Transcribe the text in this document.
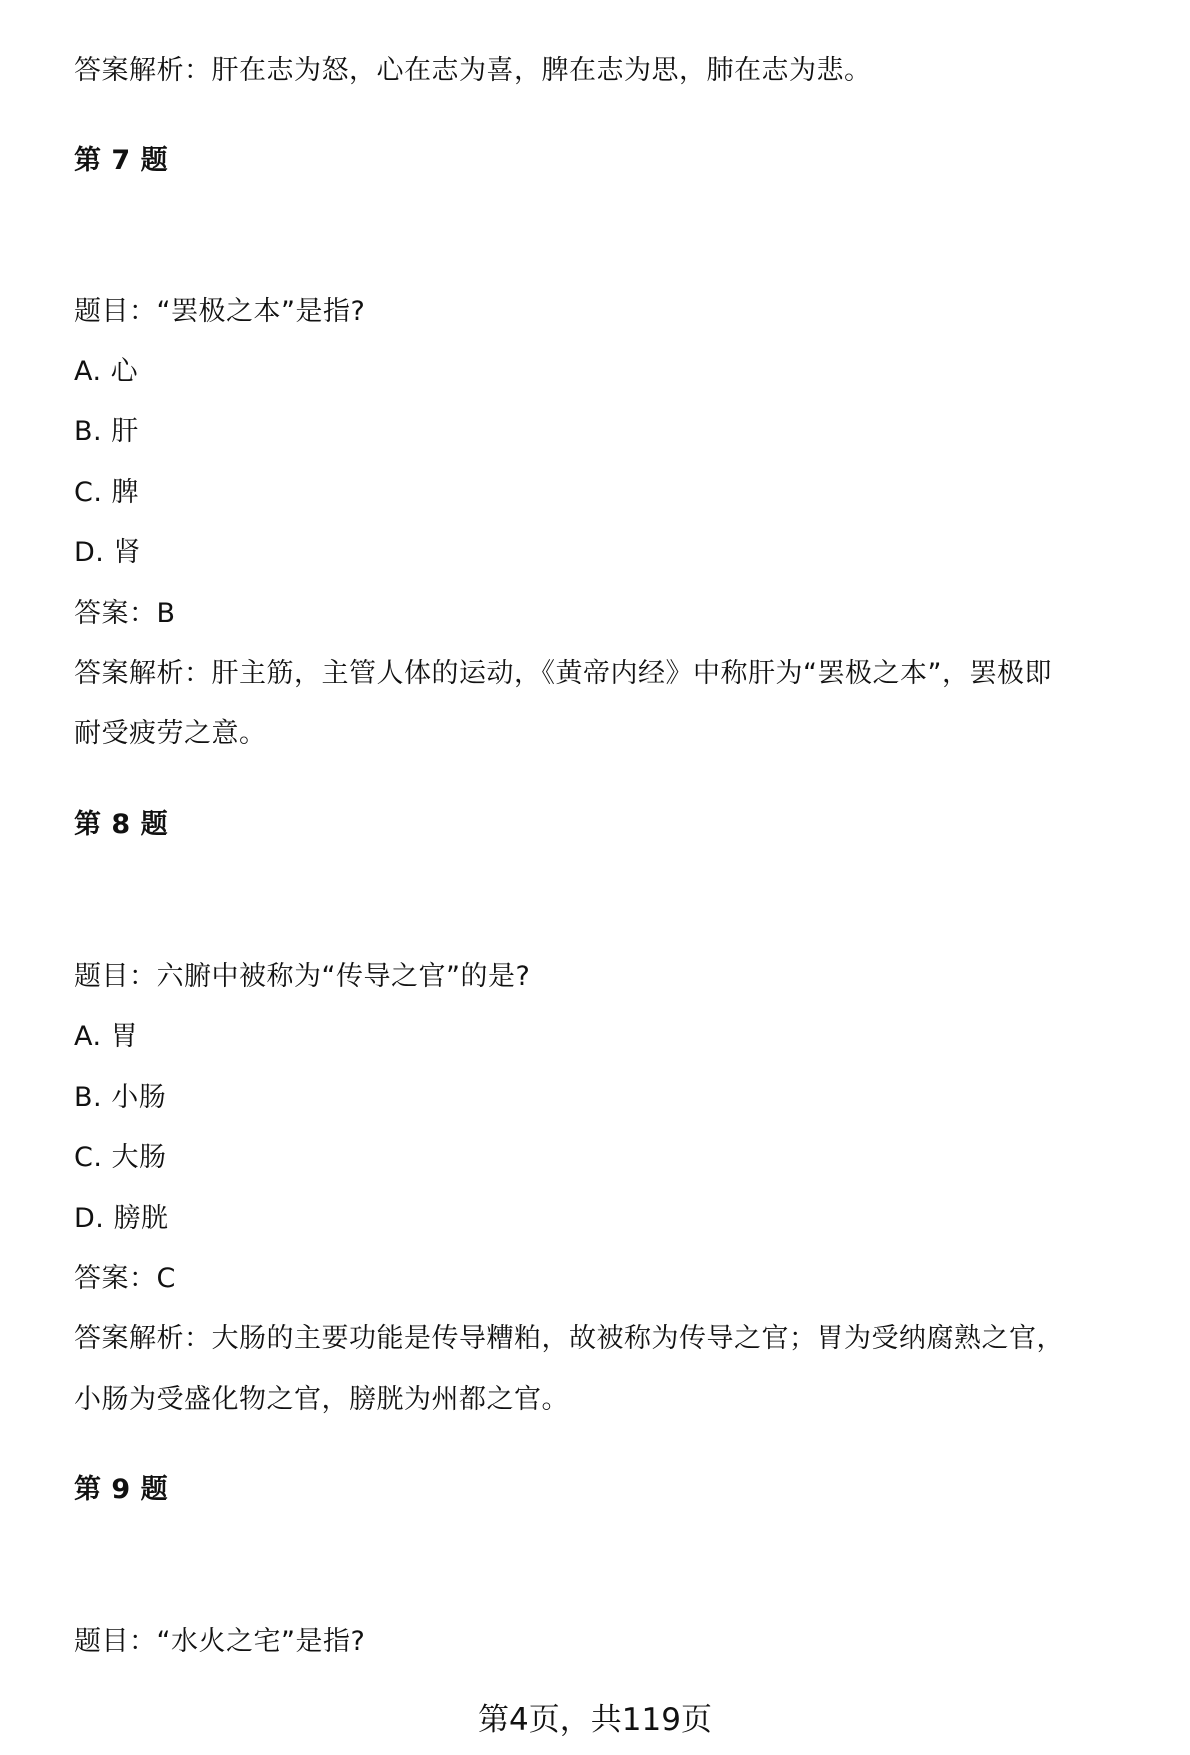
答案解析：肝在志为怒，心在志为喜，脾在志为思，肺在志为悲。
第 7 题
题目：“罢极之本”是指?
A. 心
B. 肝
C. 脾
D. 肾
答案：B
答案解析：肝主筋，主管人体的运动，《黄帝内经》中称肝为“罢极之本”，罢极即
耐受疲劳之意。
第 8 题
题目：六腑中被称为“传导之官”的是?
A. 胃
B. 小肠
C. 大肠
D. 膀胱
答案：C
答案解析：大肠的主要功能是传导糟粕，故被称为传导之官；胃为受纳腐熟之官，
小肠为受盛化物之官，膀胱为州都之官。
第 9 题
题目：“水火之宅”是指?
第4页，共119页
